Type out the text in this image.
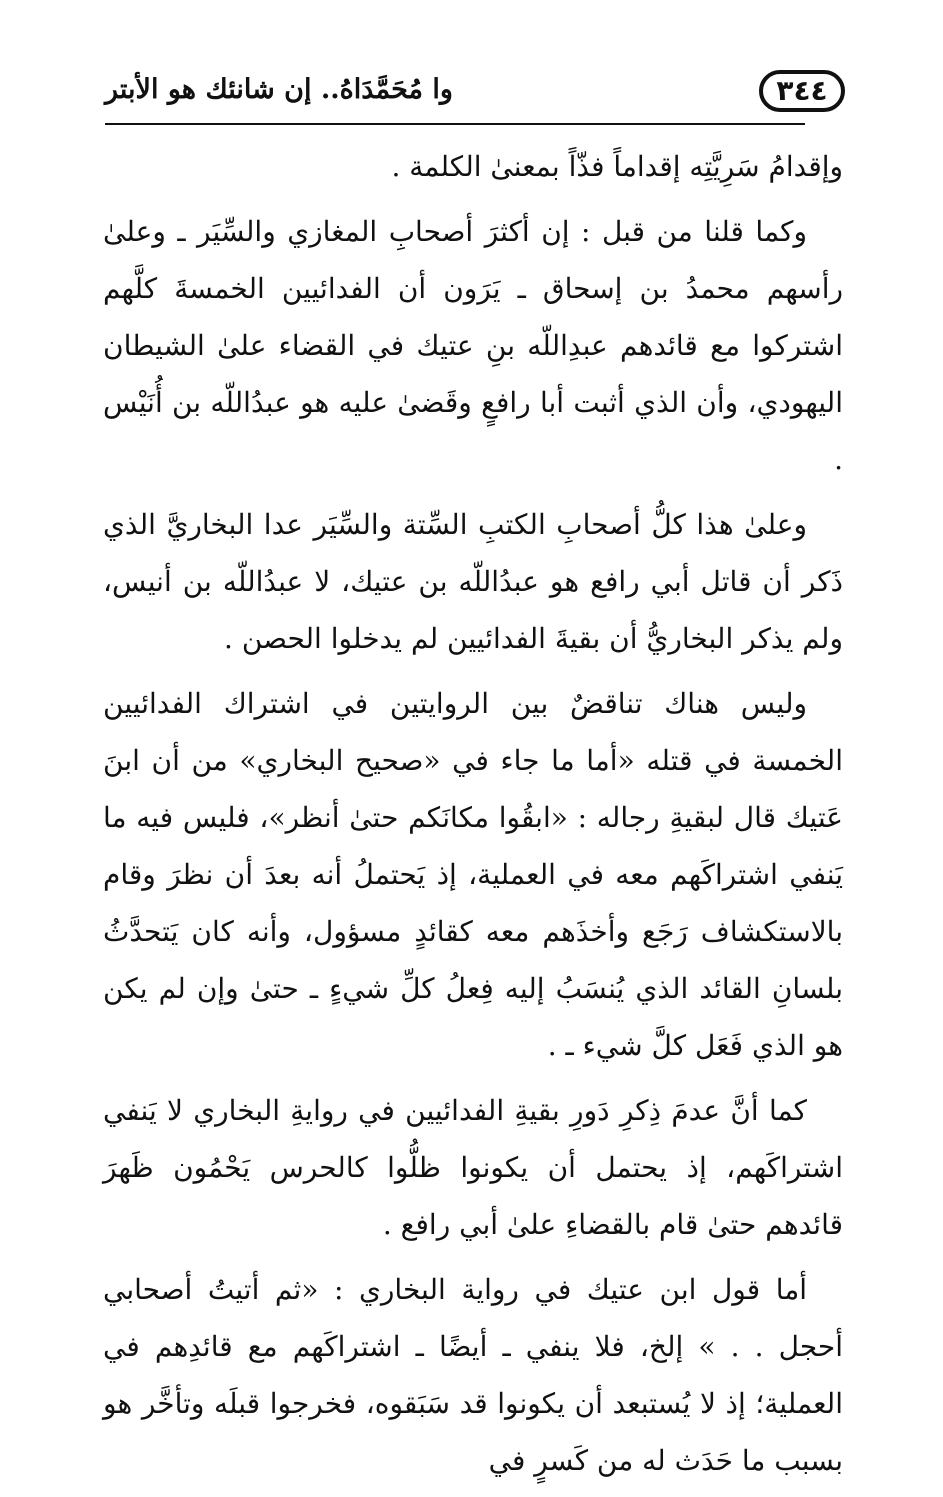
٣٤٤
وا مُحَمَّدَاهُ.. إن شانئك هو الأبتر

وإقدامُ سَرِيَّتِه إقداماً فذّاً بمعنىٰ الكلمة .

وكما قلنا من قبل : إن أكثرَ أصحابِ المغازي والسِّيَر ـ وعلىٰ رأسهم محمدُ بن إسحاق ـ يَرَون أن الفدائيين الخمسةَ كلَّهم اشتركوا مع قائدهم عبدِاللّه بنِ عتيك في القضاء علىٰ الشيطان اليهودي، وأن الذي أثبت أبا رافعٍ وقَضىٰ عليه هو عبدُاللّه بن أُنَيْس .

وعلىٰ هذا كلُّ أصحابِ الكتبِ السِّتة والسِّيَر عدا البخاريَّ الذي ذَكر أن قاتل أبي رافع هو عبدُاللّه بن عتيك، لا عبدُاللّه بن أنيس، ولم يذكر البخاريُّ أن بقيةَ الفدائيين لم يدخلوا الحصن .

وليس هناك تناقضٌ بين الروايتين في اشتراك الفدائيين الخمسة في قتله «أما ما جاء في «صحيح البخاري» من أن ابنَ عَتيك قال لبقيةِ رجاله : «ابقُوا مكانَكم حتىٰ أنظر»، فليس فيه ما يَنفي اشتراكَهم معه في العملية، إذ يَحتملُ أنه بعدَ أن نظرَ وقام بالاستكشاف رَجَع وأخذَهم معه كقائدٍ مسؤول، وأنه كان يَتحدَّثُ بلسانِ القائد الذي يُنسَبُ إليه فِعلُ كلِّ شيءٍ ـ حتىٰ وإن لم يكن هو الذي فَعَل كلَّ شيء ـ .

كما أنَّ عدمَ ذِكرِ دَورِ بقيةِ الفدائيين في روايةِ البخاري لا يَنفي اشتراكَهم، إذ يحتمل أن يكونوا ظلُّوا كالحرس يَحْمُون ظَهرَ قائدهم حتىٰ قام بالقضاءِ علىٰ أبي رافع .

أما قول ابن عتيك في رواية البخاري : «ثم أتيتُ أصحابي أحجل . . » إلخ، فلا ينفي ـ أيضًا ـ اشتراكَهم مع قائدِهم في العملية؛ إذ لا يُستبعد أن يكونوا قد سَبَقوه، فخرجوا قبلَه وتأخَّر هو بسبب ما حَدَث له من كَسرٍ في
